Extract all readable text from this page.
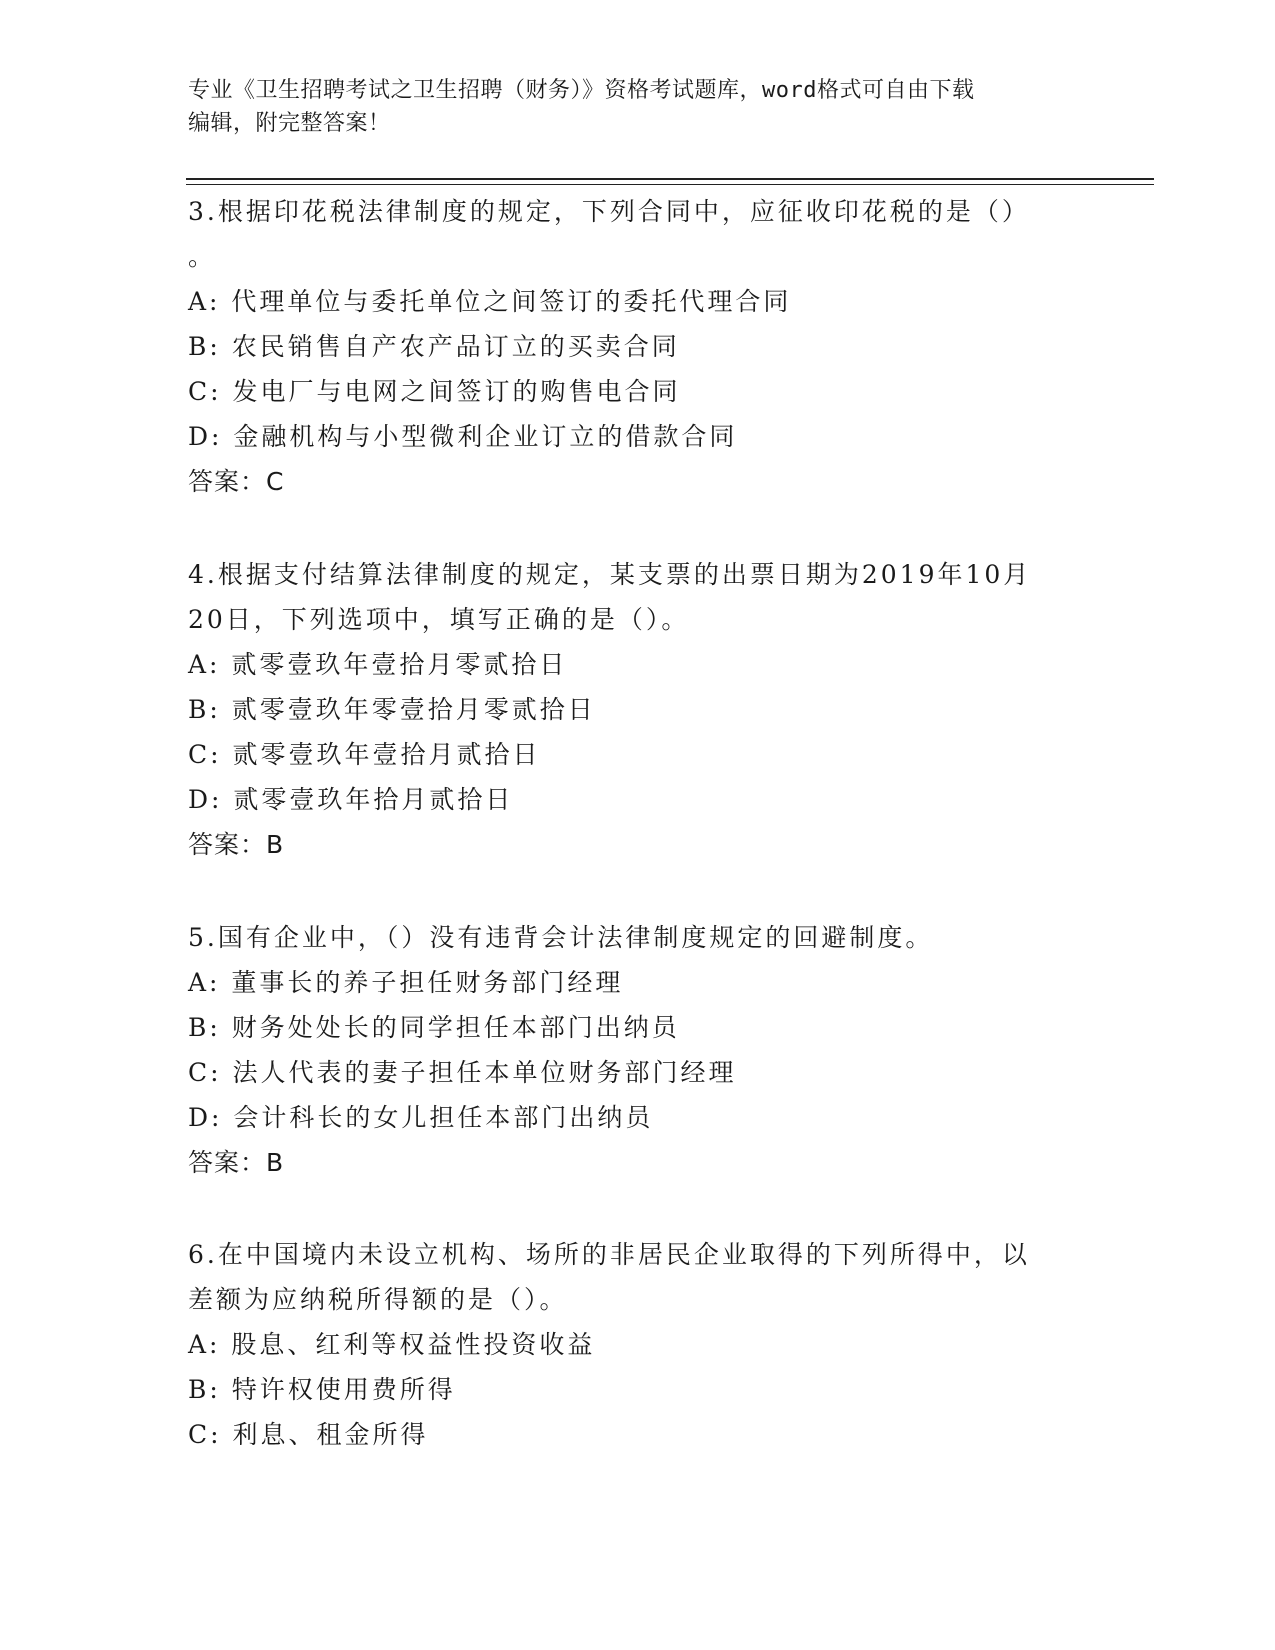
专业《卫生招聘考试之卫生招聘（财务）》资格考试题库，word格式可自由下载
编辑，附完整答案！
3.根据印花税法律制度的规定，下列合同中，应征收印花税的是（）
。
A: 代理单位与委托单位之间签订的委托代理合同
B: 农民销售自产农产品订立的买卖合同
C: 发电厂与电网之间签订的购售电合同
D: 金融机构与小型微利企业订立的借款合同
答案：C
4.根据支付结算法律制度的规定，某支票的出票日期为2019年10月
20日，下列选项中，填写正确的是（）。
A: 贰零壹玖年壹拾月零贰拾日
B: 贰零壹玖年零壹拾月零贰拾日
C: 贰零壹玖年壹拾月贰拾日
D: 贰零壹玖年拾月贰拾日
答案：B
5.国有企业中，（）没有违背会计法律制度规定的回避制度。
A: 董事长的养子担任财务部门经理
B: 财务处处长的同学担任本部门出纳员
C: 法人代表的妻子担任本单位财务部门经理
D: 会计科长的女儿担任本部门出纳员
答案：B
6.在中国境内未设立机构、场所的非居民企业取得的下列所得中，以
差额为应纳税所得额的是（）。
A: 股息、红利等权益性投资收益
B: 特许权使用费所得
C: 利息、租金所得
